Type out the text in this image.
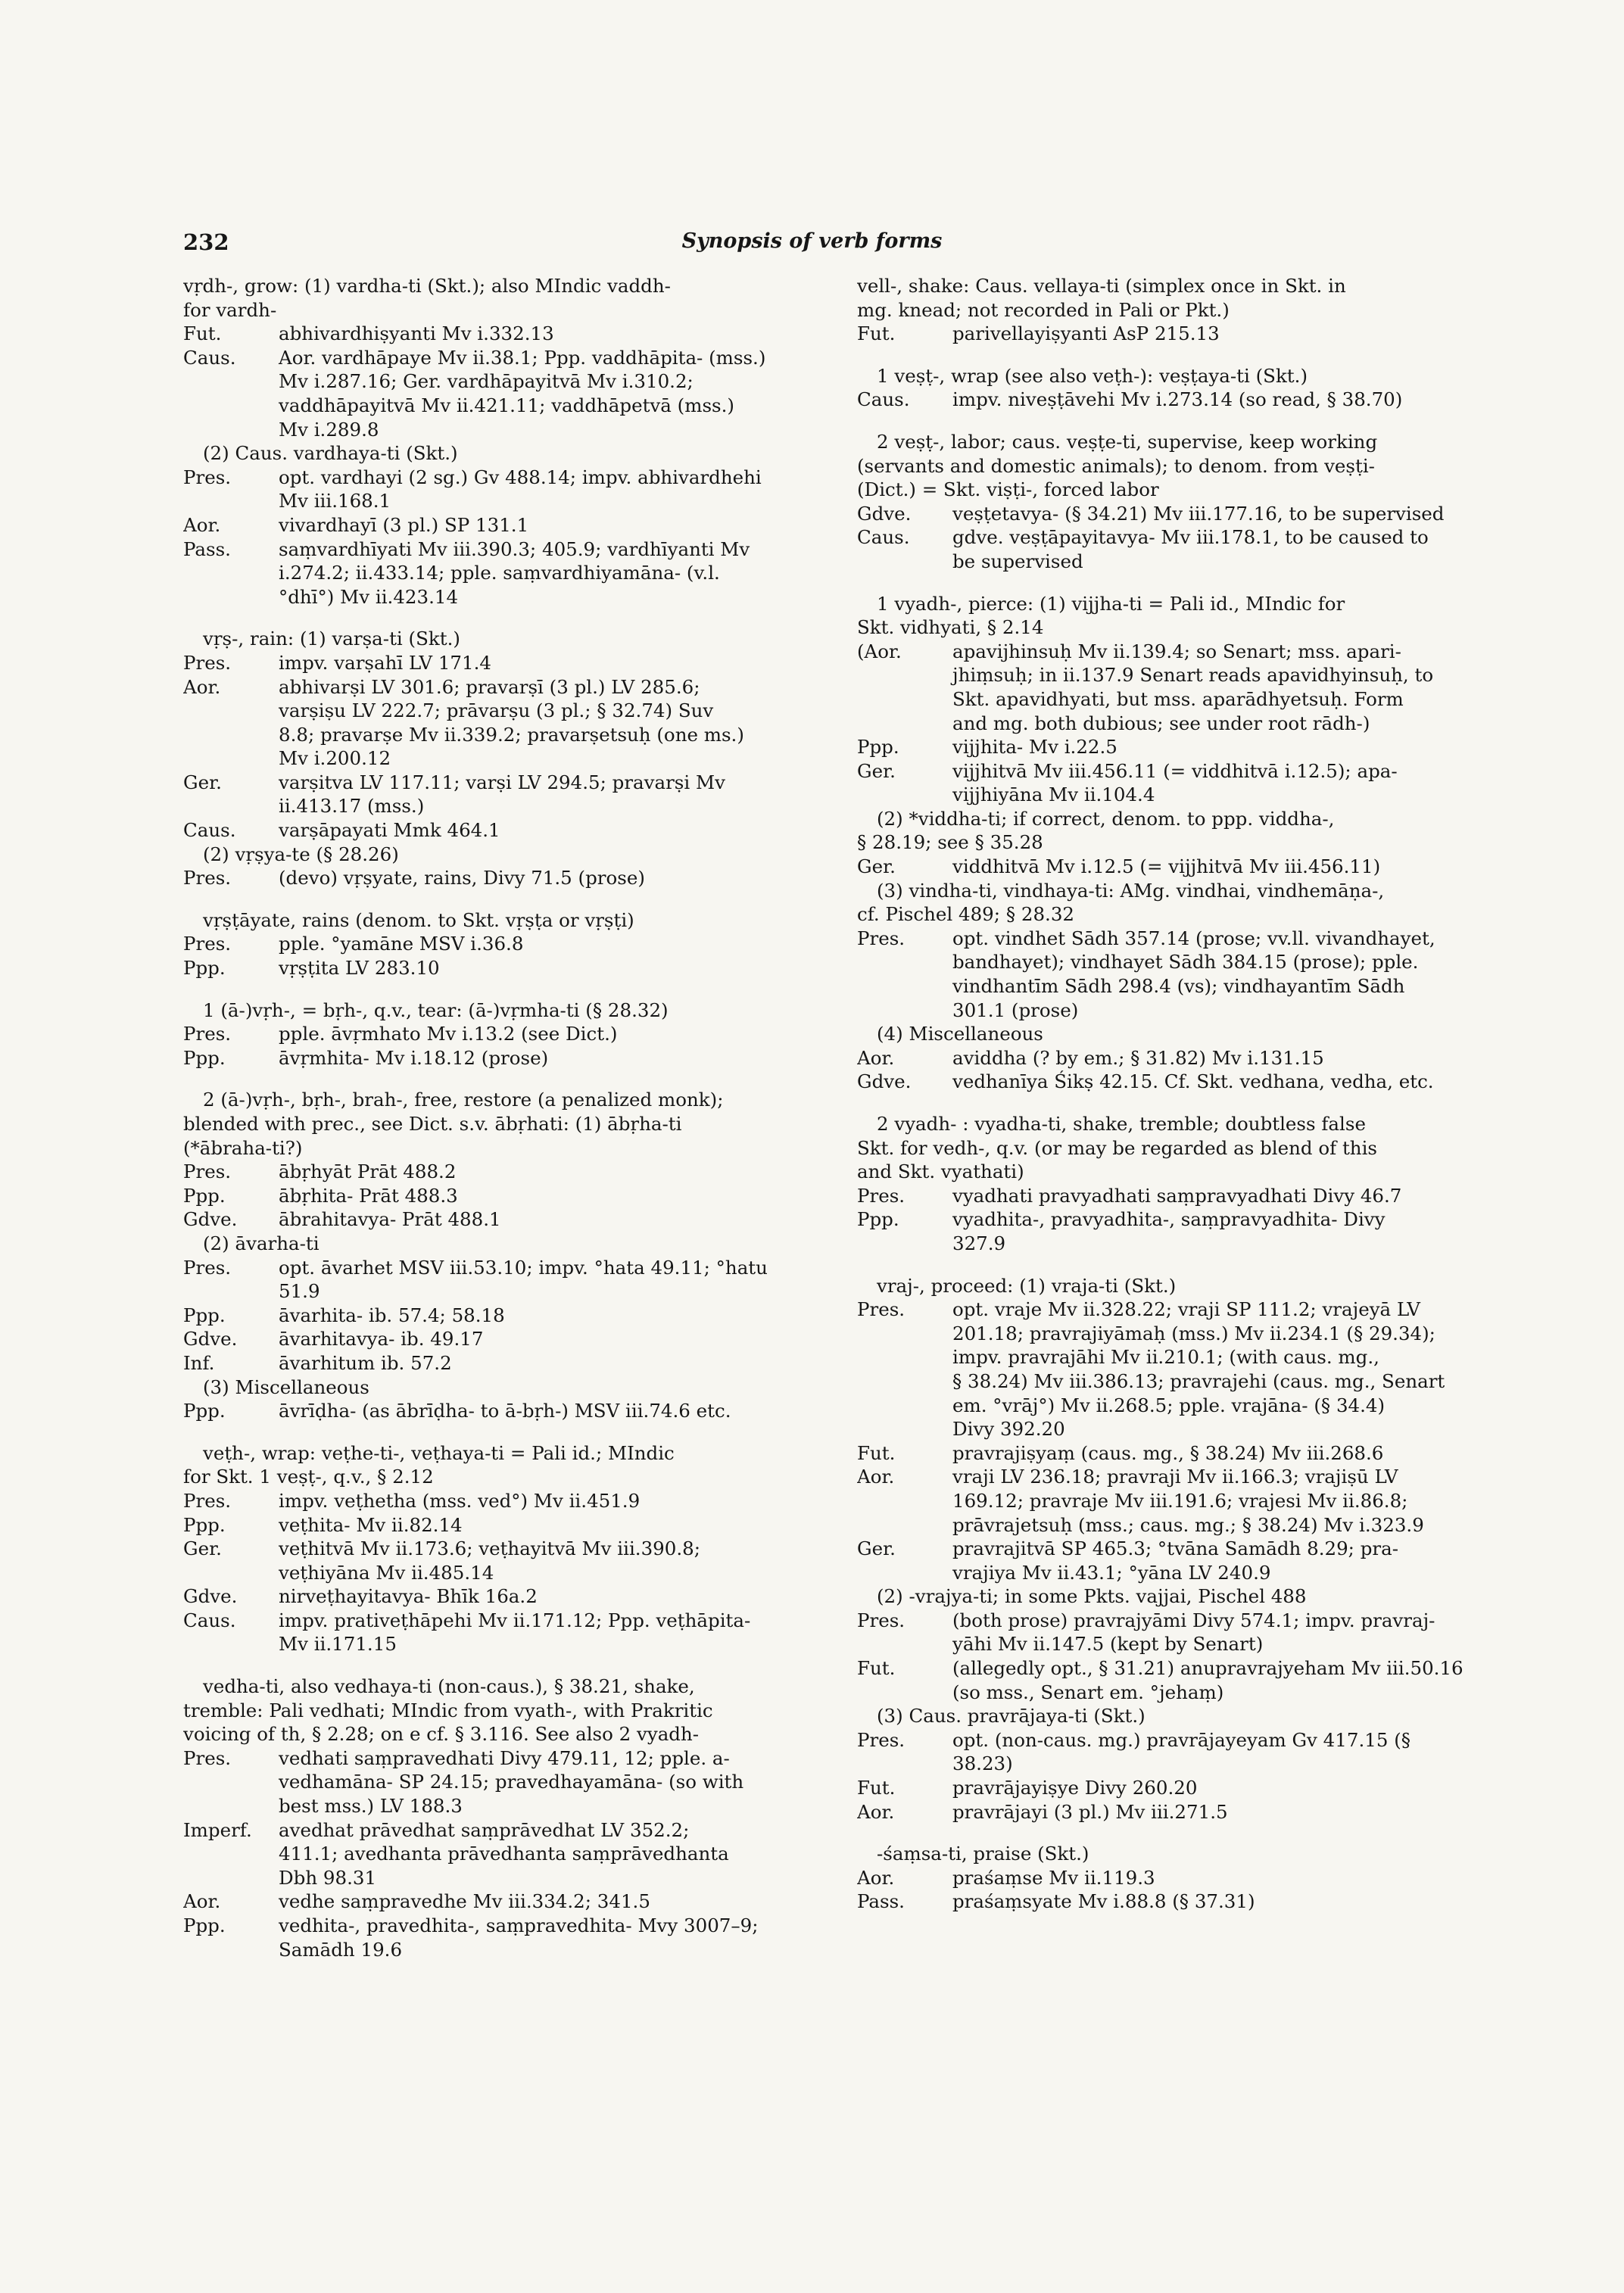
232	Synopsis of verb forms
vṛdh-, grow: (1) vardha-ti (Skt.); also MIndic vaddh-
for vardh-
Fut.	abhivardhiṣyanti Mv i.332.13
Caus.	Aor. vardhāpaye Mv ii.38.1; Ppp. vaddhāpita- (mss.)
Mv i.287.16; Ger. vardhāpayitvā Mv i.310.2;
vaddhāpayitvā Mv ii.421.11; vaddhāpetvā (mss.)
Mv i.289.8
(2) Caus. vardhaya-ti (Skt.)
Pres.	opt. vardhayi (2 sg.) Gv 488.14; impv. abhivardhehi
Mv iii.168.1
Aor.	vivardhayī (3 pl.) SP 131.1
Pass.	saṃvardhīyati Mv iii.390.3; 405.9; vardhīyanti Mv
i.274.2; ii.433.14; pple. saṃvardhiyamāna- (v.l.
°dhī°) Mv ii.423.14
vṛṣ-, rain: (1) varṣa-ti (Skt.)
Pres.	impv. varṣahī LV 171.4
Aor.	abhivarṣi LV 301.6; pravarṣī (3 pl.) LV 285.6;
varṣiṣu LV 222.7; prāvarṣu (3 pl.; § 32.74) Suv
8.8; pravarṣe Mv ii.339.2; pravarṣetsuḥ (one ms.)
Mv i.200.12
Ger.	varṣitva LV 117.11; varṣi LV 294.5; pravarṣi Mv
ii.413.17 (mss.)
Caus.	varṣāpayati Mmk 464.1
(2) vṛṣya-te (§ 28.26)
Pres.	(devo) vṛṣyate, rains, Divy 71.5 (prose)
vṛṣṭāyate, rains (denom. to Skt. vṛṣṭa or vṛṣṭi)
Pres.	pple. °yamāne MSV i.36.8
Ppp.	vṛṣṭita LV 283.10
1 (ā-)vṛh-, = bṛh-, q.v., tear: (ā-)vṛmha-ti (§ 28.32)
Pres.	pple. āvṛmhato Mv i.13.2 (see Dict.)
Ppp.	āvṛmhita- Mv i.18.12 (prose)
2 (ā-)vṛh-, bṛh-, brah-, free, restore (a penalized monk);
blended with prec., see Dict. s.v. ābṛhati: (1) ābṛha-ti
(*ābraha-ti?)
Pres.	ābṛhyāt Prāt 488.2
Ppp.	ābṛhita- Prāt 488.3
Gdve.	ābrahitavya- Prāt 488.1
(2) āvarha-ti
Pres.	opt. āvarhet MSV iii.53.10; impv. °hata 49.11; °hatu
51.9
Ppp.	āvarhita- ib. 57.4; 58.18
Gdve.	āvarhitavya- ib. 49.17
Inf.	āvarhitum ib. 57.2
(3) Miscellaneous
Ppp.	āvrīḍha- (as ābrīḍha- to ā-bṛh-) MSV iii.74.6 etc.
veṭh-, wrap: veṭhe-ti-, veṭhaya-ti = Pali id.; MIndic
for Skt. 1 veṣṭ-, q.v., § 2.12
Pres.	impv. veṭhetha (mss. ved°) Mv ii.451.9
Ppp.	veṭhita- Mv ii.82.14
Ger.	veṭhitvā Mv ii.173.6; veṭhayitvā Mv iii.390.8;
veṭhiyāna Mv ii.485.14
Gdve.	nirveṭhayitavya- Bhīk 16a.2
Caus.	impv. prativeṭhāpehi Mv ii.171.12; Ppp. veṭhāpita-
Mv ii.171.15
vedha-ti, also vedhaya-ti (non-caus.), § 38.21, shake,
tremble: Pali vedhati; MIndic from vyath-, with Prakritic
voicing of th, § 2.28; on e cf. § 3.116. See also 2 vyadh-
Pres.	vedhati saṃpravedhati Divy 479.11, 12; pple. a-
vedhamāna- SP 24.15; pravedhayamāna- (so with
best mss.) LV 188.3
Imperf.	avedhat prāvedhat saṃprāvedhat LV 352.2;
411.1; avedhanta prāvedhanta saṃprāvedhanta
Dbh 98.31
Aor.	vedhe saṃpravedhe Mv iii.334.2; 341.5
Ppp.	vedhita-, pravedhita-, saṃpravedhita- Mvy 3007–9;
Samādh 19.6
vell-, shake: Caus. vellaya-ti (simplex once in Skt. in
mg. knead; not recorded in Pali or Pkt.)
Fut.	parivellayiṣyanti AsP 215.13
1 veṣṭ-, wrap (see also veṭh-): veṣṭaya-ti (Skt.)
Caus.	impv. niveṣṭāvehi Mv i.273.14 (so read, § 38.70)
2 veṣṭ-, labor; caus. veṣṭe-ti, supervise, keep working
(servants and domestic animals); to denom. from veṣṭi-
(Dict.) = Skt. viṣṭi-, forced labor
Gdve.	veṣṭetavya- (§ 34.21) Mv iii.177.16, to be supervised
Caus.	gdve. veṣṭāpayitavya- Mv iii.178.1, to be caused to
be supervised
1 vyadh-, pierce: (1) vijjha-ti = Pali id., MIndic for
Skt. vidhyati, § 2.14
(Aor.	apavijhinsuḥ Mv ii.139.4; so Senart; mss. apari-
jhiṃsuḥ; in ii.137.9 Senart reads apavidhyinsuḥ, to
Skt. apavidhyati, but mss. aparādhyetsuḥ. Form
and mg. both dubious; see under root rādh-)
Ppp.	vijjhita- Mv i.22.5
Ger.	vijjhitvā Mv iii.456.11 (= viddhitvā i.12.5); apa-
vijjhiyāna Mv ii.104.4
(2) *viddha-ti; if correct, denom. to ppp. viddha-,
§ 28.19; see § 35.28
Ger.	viddhitvā Mv i.12.5 (= vijjhitvā Mv iii.456.11)
(3) vindha-ti, vindhaya-ti: AMg. vindhai, vindhemāṇa-,
cf. Pischel 489; § 28.32
Pres.	opt. vindhet Sādh 357.14 (prose; vv.ll. vivandhayet,
bandhayet); vindhayet Sādh 384.15 (prose); pple.
vindhantīm Sādh 298.4 (vs); vindhayantīm Sādh
301.1 (prose)
(4) Miscellaneous
Aor.	aviddha (? by em.; § 31.82) Mv i.131.15
Gdve.	vedhanīya Śikṣ 42.15. Cf. Skt. vedhana, vedha, etc.
2 vyadh- : vyadha-ti, shake, tremble; doubtless false
Skt. for vedh-, q.v. (or may be regarded as blend of this
and Skt. vyathati)
Pres.	vyadhati pravyadhati saṃpravyadhati Divy 46.7
Ppp.	vyadhita-, pravyadhita-, saṃpravyadhita- Divy
327.9
vraj-, proceed: (1) vraja-ti (Skt.)
Pres.	opt. vraje Mv ii.328.22; vraji SP 111.2; vrajeyā LV
201.18; pravrajiyāmaḥ (mss.) Mv ii.234.1 (§ 29.34);
impv. pravrajāhi Mv ii.210.1; (with caus. mg.,
§ 38.24) Mv iii.386.13; pravrajehi (caus. mg., Senart
em. °vrāj°) Mv ii.268.5; pple. vrajāna- (§ 34.4)
Divy 392.20
Fut.	pravrajiṣyaṃ (caus. mg., § 38.24) Mv iii.268.6
Aor.	vraji LV 236.18; pravraji Mv ii.166.3; vrajiṣū LV
169.12; pravraje Mv iii.191.6; vrajesi Mv ii.86.8;
prāvrajetsuḥ (mss.; caus. mg.; § 38.24) Mv i.323.9
Ger.	pravrajitvā SP 465.3; °tvāna Samādh 8.29; pra-
vrajiya Mv ii.43.1; °yāna LV 240.9
(2) -vrajya-ti; in some Pkts. vajjai, Pischel 488
Pres.	(both prose) pravrajyāmi Divy 574.1; impv. pravraj-
yāhi Mv ii.147.5 (kept by Senart)
Fut.	(allegedly opt., § 31.21) anupravrajyeham Mv iii.50.16
(so mss., Senart em. °jehaṃ)
(3) Caus. pravrājaya-ti (Skt.)
Pres.	opt. (non-caus. mg.) pravrājayeyam Gv 417.15 (§
38.23)
Fut.	pravrājayiṣye Divy 260.20
Aor.	pravrājayi (3 pl.) Mv iii.271.5
-śaṃsa-ti, praise (Skt.)
Aor.	praśaṃse Mv ii.119.3
Pass.	praśaṃsyate Mv i.88.8 (§ 37.31)
